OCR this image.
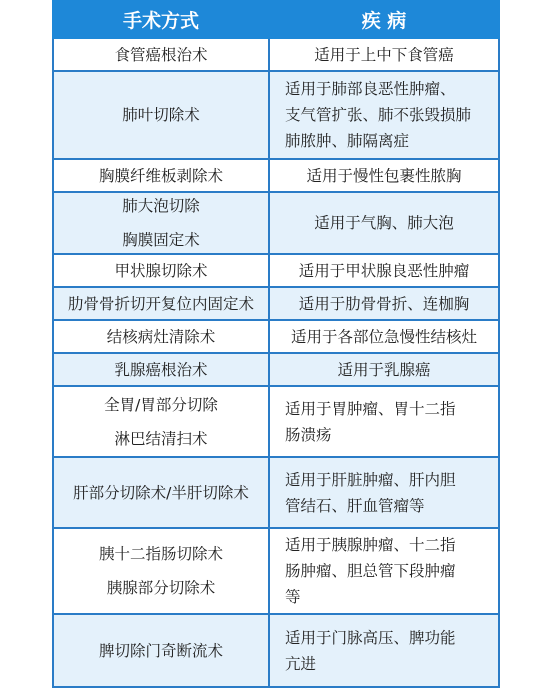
手术方式	疾 病

食管癌根治术	适用于上中下食管癌

肺叶切除术	适用于肺部良恶性肿瘤、
支气管扩张、肺不张毁损肺
肺脓肿、肺隔离症

胸膜纤维板剥除术	适用于慢性包裹性脓胸

肺大泡切除
胸膜固定术	适用于气胸、肺大泡

甲状腺切除术	适用于甲状腺良恶性肿瘤

肋骨骨折切开复位内固定术	适用于肋骨骨折、连枷胸

结核病灶清除术	适用于各部位急慢性结核灶

乳腺癌根治术	适用于乳腺癌

全胃/胃部分切除
淋巴结清扫术	适用于胃肿瘤、胃十二指
肠溃疡

肝部分切除术/半肝切除术	适用于肝脏肿瘤、肝内胆
管结石、肝血管瘤等

胰十二指肠切除术
胰腺部分切除术	适用于胰腺肿瘤、十二指
肠肿瘤、胆总管下段肿瘤
等

脾切除门奇断流术	适用于门脉高压、脾功能
亢进
